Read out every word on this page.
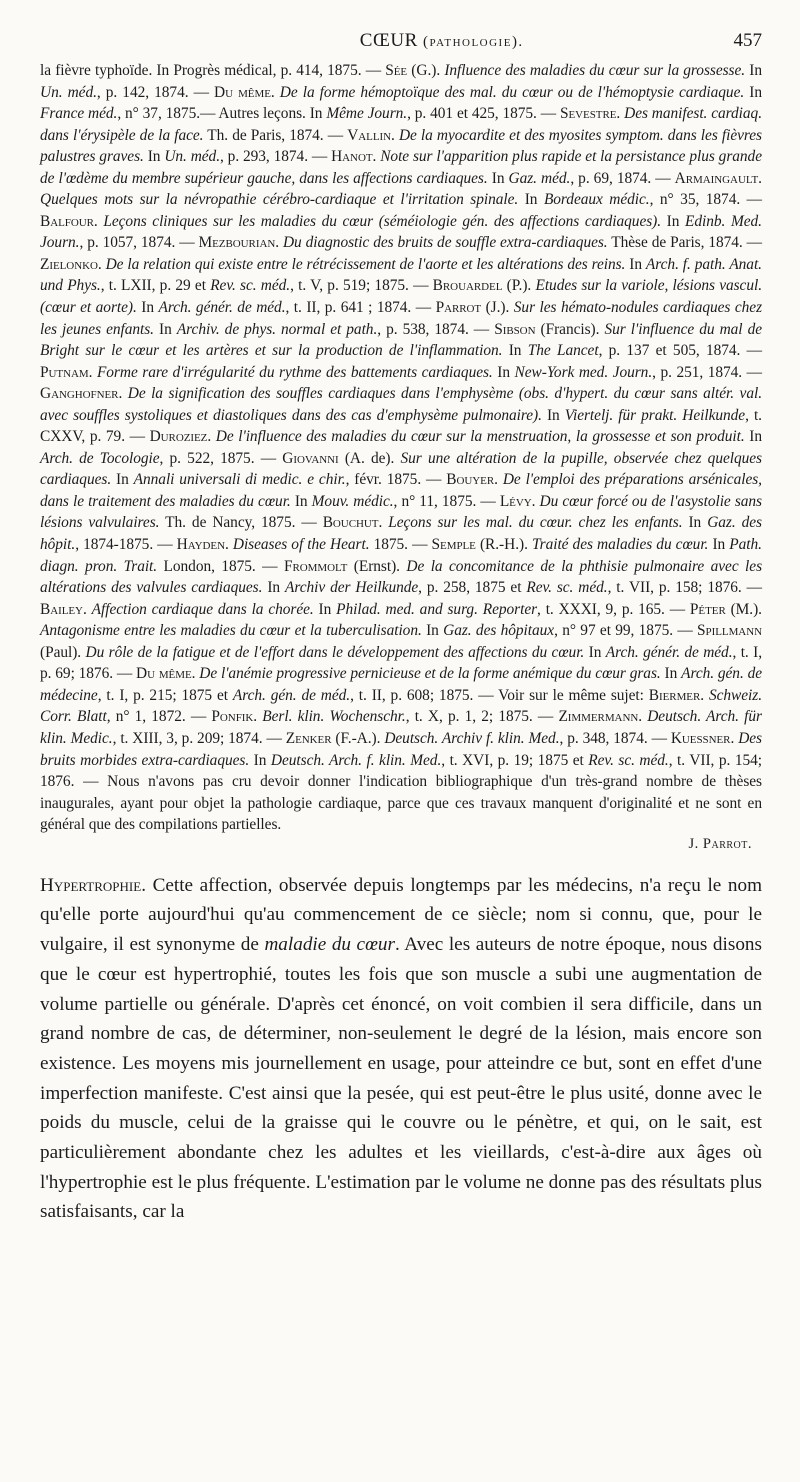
CŒUR (pathologie).	457

la fièvre typhoïde. In Progrès médical, p. 414, 1875. — Sée (G.). Influence des maladies du cœur sur la grossesse. In Un. méd., p. 142, 1874. — Du même. De la forme hémoptoïque des mal. du cœur ou de l'hémoptysie cardiaque. In France méd., n° 37, 1875.— Autres leçons. In Même Journ., p. 401 et 425, 1875. — Sevestre. Des manifest. cardiaq. dans l'érysipèle de la face. Th. de Paris, 1874. — Vallin. De la myocardite et des myosites symptom. dans les fièvres palustres graves. In Un. méd., p. 293, 1874. — Hanot. Note sur l'apparition plus rapide et la persistance plus grande de l'œdème du membre supérieur gauche, dans les affections cardiaques. In Gaz. méd., p. 69, 1874. — Armaingault. Quelques mots sur la névropathie cérébro-cardiaque et l'irritation spinale. In Bordeaux médic., n° 35, 1874. — Balfour. Leçons cliniques sur les maladies du cœur (séméiologie gén. des affections cardiaques). In Edinb. Med. Journ., p. 1057, 1874. — Mezbourian. Du diagnostic des bruits de souffle extra-cardiaques. Thèse de Paris, 1874. — Zielonko. De la relation qui existe entre le rétrécissement de l'aorte et les altérations des reins. In Arch. f. path. Anat. und Phys., t. LXII, p. 29 et Rev. sc. méd., t. V, p. 519; 1875. — Brouardel (P.). Etudes sur la variole, lésions vascul. (cœur et aorte). In Arch. génér. de méd., t. II, p. 641 ; 1874. — Parrot (J.). Sur les hémato-nodules cardiaques chez les jeunes enfants. In Archiv. de phys. normal et path., p. 538, 1874. — Sibson (Francis). Sur l'influence du mal de Bright sur le cœur et les artères et sur la production de l'inflammation. In The Lancet, p. 137 et 505, 1874. — Putnam. Forme rare d'irrégularité du rythme des battements cardiaques. In New-York med. Journ., p. 251, 1874. — Ganghofner. De la signification des souffles cardiaques dans l'emphysème (obs. d'hypert. du cœur sans altér. val. avec souffles systoliques et diastoliques dans des cas d'emphysème pulmonaire). In Viertelj. für prakt. Heilkunde, t. CXXV, p. 79. — Duroziez. De l'influence des maladies du cœur sur la menstruation, la grossesse et son produit. In Arch. de Tocologie, p. 522, 1875. — Giovanni (A. de). Sur une altération de la pupille, observée chez quelques cardiaques. In Annali universali di medic. e chir., févr. 1875. — Bouyer. De l'emploi des préparations arsénicales, dans le traitement des maladies du cœur. In Mouv. médic., n° 11, 1875. — Lévy. Du cœur forcé ou de l'asystolie sans lésions valvulaires. Th. de Nancy, 1875. — Bouchut. Leçons sur les mal. du cœur. chez les enfants. In Gaz. des hôpit., 1874-1875. — Hayden. Diseases of the Heart. 1875. — Semple (R.-H.). Traité des maladies du cœur. In Path. diagn. pron. Trait. London, 1875. — Frommolt (Ernst). De la concomitance de la phthisie pulmonaire avec les altérations des valvules cardiaques. In Archiv der Heilkunde, p. 258, 1875 et Rev. sc. méd., t. VII, p. 158; 1876. — Bailey. Affection cardiaque dans la chorée. In Philad. med. and surg. Reporter, t. XXXI, 9, p. 165. — Péter (M.). Antagonisme entre les maladies du cœur et la tuberculisation. In Gaz. des hôpitaux, n° 97 et 99, 1875. — Spillmann (Paul). Du rôle de la fatigue et de l'effort dans le développement des affections du cœur. In Arch. génér. de méd., t. I, p. 69; 1876. — Du même. De l'anémie progressive pernicieuse et de la forme anémique du cœur gras. In Arch. gén. de médecine, t. I, p. 215; 1875 et Arch. gén. de méd., t. II, p. 608; 1875. — Voir sur le même sujet: Biermer. Schweiz. Corr. Blatt, n° 1, 1872. — Ponfik. Berl. klin. Wochenschr., t. X, p. 1, 2; 1875. — Zimmermann. Deutsch. Arch. für klin. Medic., t. XIII, 3, p. 209; 1874. — Zenker (F.-A.). Deutsch. Archiv f. klin. Med., p. 348, 1874. — Kuessner. Des bruits morbides extra-cardiaques. In Deutsch. Arch. f. klin. Med., t. XVI, p. 19; 1875 et Rev. sc. méd., t. VII, p. 154; 1876. — Nous n'avons pas cru devoir donner l'indication bibliographique d'un très-grand nombre de thèses inaugurales, ayant pour objet la pathologie cardiaque, parce que ces travaux manquent d'originalité et ne sont en général que des compilations partielles.

J. Parrot.

Hypertrophie. Cette affection, observée depuis longtemps par les médecins, n'a reçu le nom qu'elle porte aujourd'hui qu'au commencement de ce siècle; nom si connu, que, pour le vulgaire, il est synonyme de maladie du cœur. Avec les auteurs de notre époque, nous disons que le cœur est hypertrophié, toutes les fois que son muscle a subi une augmentation de volume partielle ou générale. D'après cet énoncé, on voit combien il sera difficile, dans un grand nombre de cas, de déterminer, non-seulement le degré de la lésion, mais encore son existence. Les moyens mis journellement en usage, pour atteindre ce but, sont en effet d'une imperfection manifeste. C'est ainsi que la pesée, qui est peut-être le plus usité, donne avec le poids du muscle, celui de la graisse qui le couvre ou le pénètre, et qui, on le sait, est particulièrement abondante chez les adultes et les vieillards, c'est-à-dire aux âges où l'hypertrophie est le plus fréquente. L'estimation par le volume ne donne pas des résultats plus satisfaisants, car la
